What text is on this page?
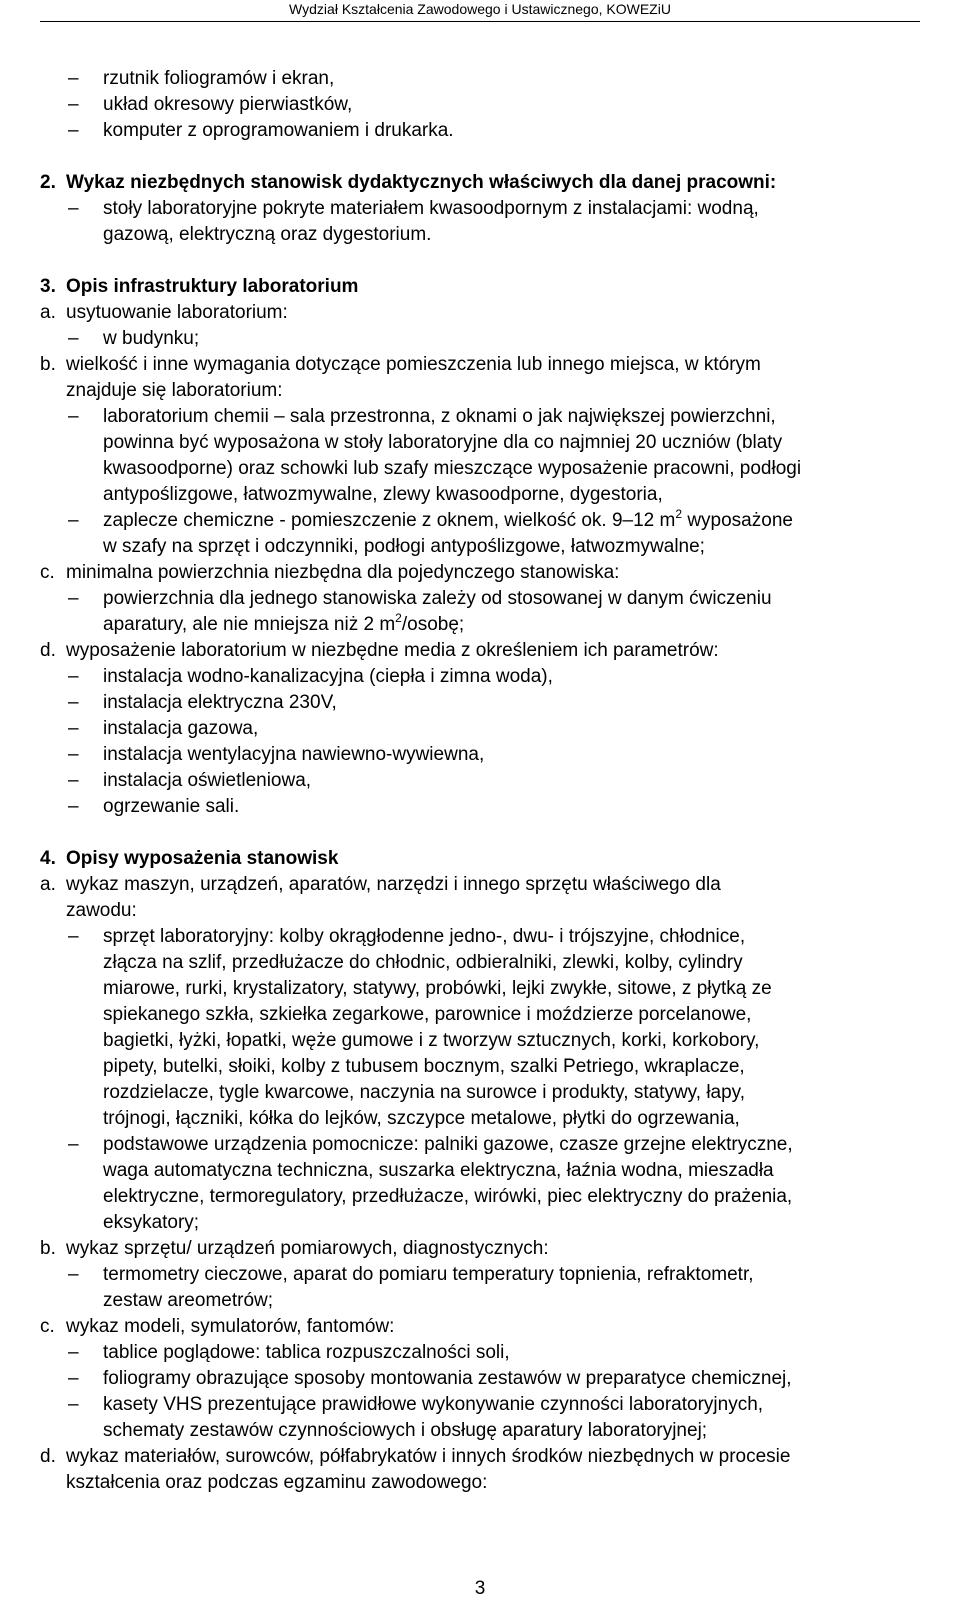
Wydział Kształcenia Zawodowego i Ustawicznego, KOWEZiU
– rzutnik foliogramów i ekran,
– układ okresowy pierwiastków,
– komputer z oprogramowaniem i drukarka.
2. Wykaz niezbędnych stanowisk dydaktycznych właściwych dla danej pracowni:
– stoły laboratoryjne pokryte materiałem kwasoodpornym z instalacjami: wodną,
gazową, elektryczną oraz dygestorium.
3. Opis infrastruktury laboratorium
a. usytuowanie laboratorium:
– w budynku;
b. wielkość i inne wymagania dotyczące pomieszczenia lub innego miejsca, w którym
znajduje się laboratorium:
– laboratorium chemii – sala przestronna, z oknami o jak największej powierzchni,
powinna być wyposażona w stoły laboratoryjne dla co najmniej 20 uczniów (blaty
kwasoodporne) oraz schowki lub szafy mieszczące wyposażenie pracowni, podłogi
antypoślizgowe, łatwozmywalne, zlewy kwasoodporne, dygestoria,
– zaplecze chemiczne - pomieszczenie z oknem, wielkość ok. 9–12 $m^2$ wyposażone
w szafy na sprzęt i odczynniki, podłogi antypoślizgowe, łatwozmywalne;
c. minimalna powierzchnia niezbędna dla pojedynczego stanowiska:
– powierzchnia dla jednego stanowiska zależy od stosowanej w danym ćwiczeniu
aparatury, ale nie mniejsza niż 2 $m^2$/osobę;
d. wyposażenie laboratorium w niezbędne media z określeniem ich parametrów:
– instalacja wodno-kanalizacyjna (ciepła i zimna woda),
– instalacja elektryczna 230V,
– instalacja gazowa,
– instalacja wentylacyjna nawiewno-wywiewna,
– instalacja oświetleniowa,
– ogrzewanie sali.
4. Opisy wyposażenia stanowisk
a. wykaz maszyn, urządzeń, aparatów, narzędzi i innego sprzętu właściwego dla
zawodu:
– sprzęt laboratoryjny: kolby okrągłodenne jedno-, dwu- i trójszyjne, chłodnice,
złącza na szlif, przedłużacze do chłodnic, odbieralniki, zlewki, kolby, cylindry
miarowe, rurki, krystalizatory, statywy, probówki, lejki zwykłe, sitowe, z płytką ze
spiekanego szkła, szkiełka zegarkowe, parownice i moździerze porcelanowe,
bagietki, łyżki, łopatki, węże gumowe i z tworzyw sztucznych, korki, korkobory,
pipety, butelki, słoiki, kolby z tubusem bocznym, szalki Petriego, wkraplacze,
rozdzielacze, tygle kwarcowe, naczynia na surowce i produkty, statywy, łapy,
trójnogi, łączniki, kółka do lejków, szczypce metalowe, płytki do ogrzewania,
– podstawowe urządzenia pomocnicze: palniki gazowe, czasze grzejne elektryczne,
waga automatyczna techniczna, suszarka elektryczna, łaźnia wodna, mieszadła
elektryczne, termoregulatory, przedłużacze, wirówki, piec elektryczny do prażenia,
eksykatory;
b. wykaz sprzętu/ urządzeń pomiarowych, diagnostycznych:
– termometry cieczowe, aparat do pomiaru temperatury topnienia, refraktometr,
zestaw areometrów;
c. wykaz modeli, symulatorów, fantomów:
– tablice poglądowe: tablica rozpuszczalności soli,
– foliogramy obrazujące sposoby montowania zestawów w preparatyce chemicznej,
– kasety VHS prezentujące prawidłowe wykonywanie czynności laboratoryjnych,
schematy zestawów czynnościowych i obsługę aparatury laboratoryjnej;
d. wykaz materiałów, surowców, półfabrykatów i innych środków niezbędnych w procesie
kształcenia oraz podczas egzaminu zawodowego:
3
